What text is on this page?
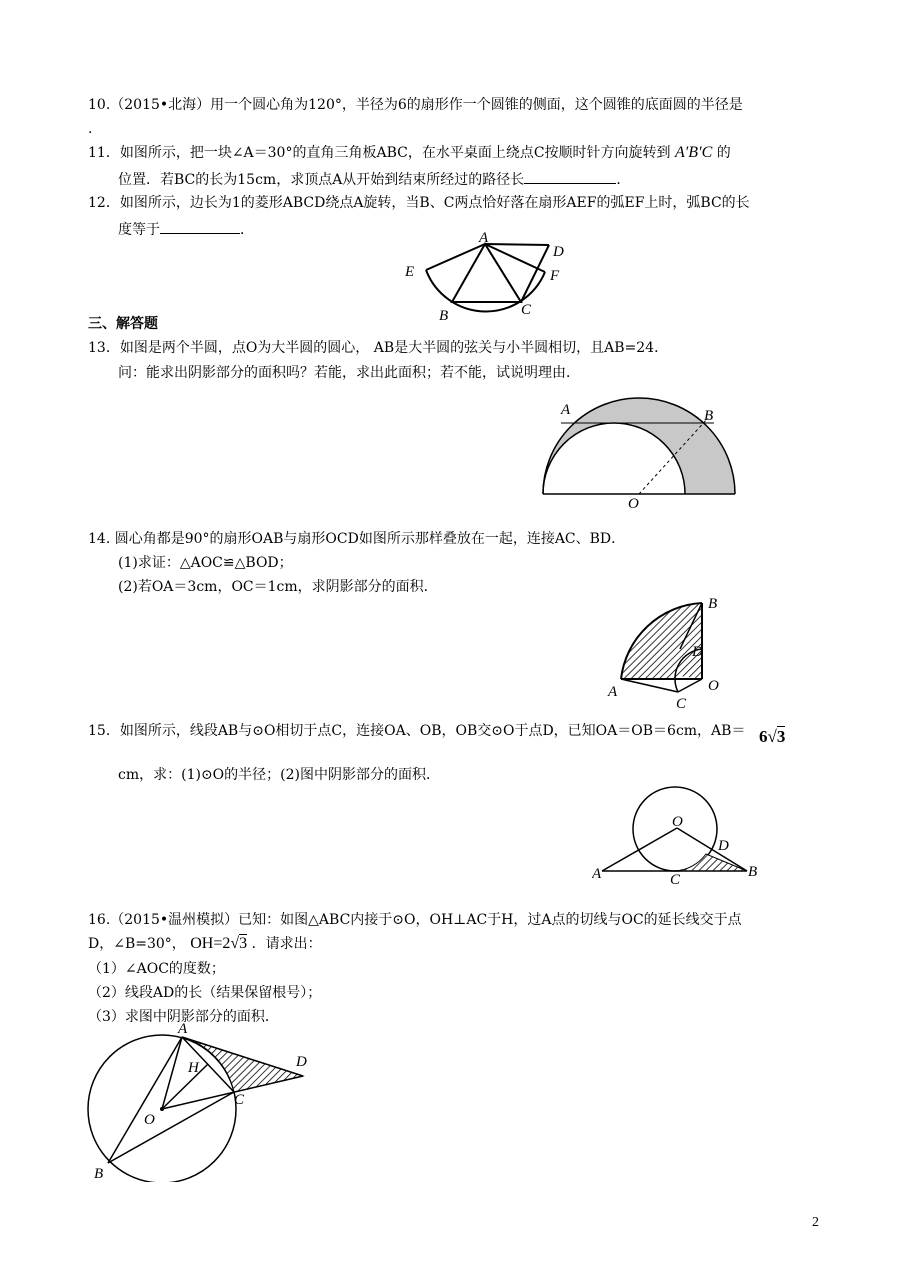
10.（2015•北海）用一个圆心角为120°，半径为6的扇形作一个圆锥的侧面，这个圆锥的底面圆的半径是
.
11．如图所示，把一块∠A＝30°的直角三角板ABC，在水平桌面上绕点C按顺时针方向旋转到 A′B′C 的
位置．若BC的长为15cm，求顶点A从开始到结束所经过的路径长	．
12．如图所示，边长为1的菱形ABCD绕点A旋转，当B、C两点恰好落在扇形AEF的弧EF上时，弧BC的长
度等于	．	A
D
E	F
B	C
三、解答题
13．如图是两个半圆，点O为大半圆的圆心， AB是大半圆的弦关与小半圆相切，且AB=24．
问：能求出阴影部分的面积吗？若能，求出此面积；若不能，试说明理由．
A	B
O
14. 圆心角都是90°的扇形OAB与扇形OCD如图所示那样叠放在一起，连接AC、BD．
(1)求证：△AOC≌△BOD；
(2)若OA＝3cm，OC＝1cm，求阴影部分的面积．
B
D
O
A
C
15．如图所示，线段AB与⊙O相切于点C，连接OA、OB，OB交⊙O于点D，已知OA＝OB＝6cm，AB＝ 6√3
cm，求：(1)⊙O的半径；(2)图中阴影部分的面积．
O
D
A	C	B
16.（2015•温州模拟）已知：如图△ABC内接于⊙O，OH⊥AC于H，过A点的切线与OC的延长线交于点
D，∠B=30°， OH=2√3 ．请求出：
（1）∠AOC的度数；
（2）线段AD的长（结果保留根号）；
（3）求图中阴影部分的面积．
A
H	D
O
C
B
2
